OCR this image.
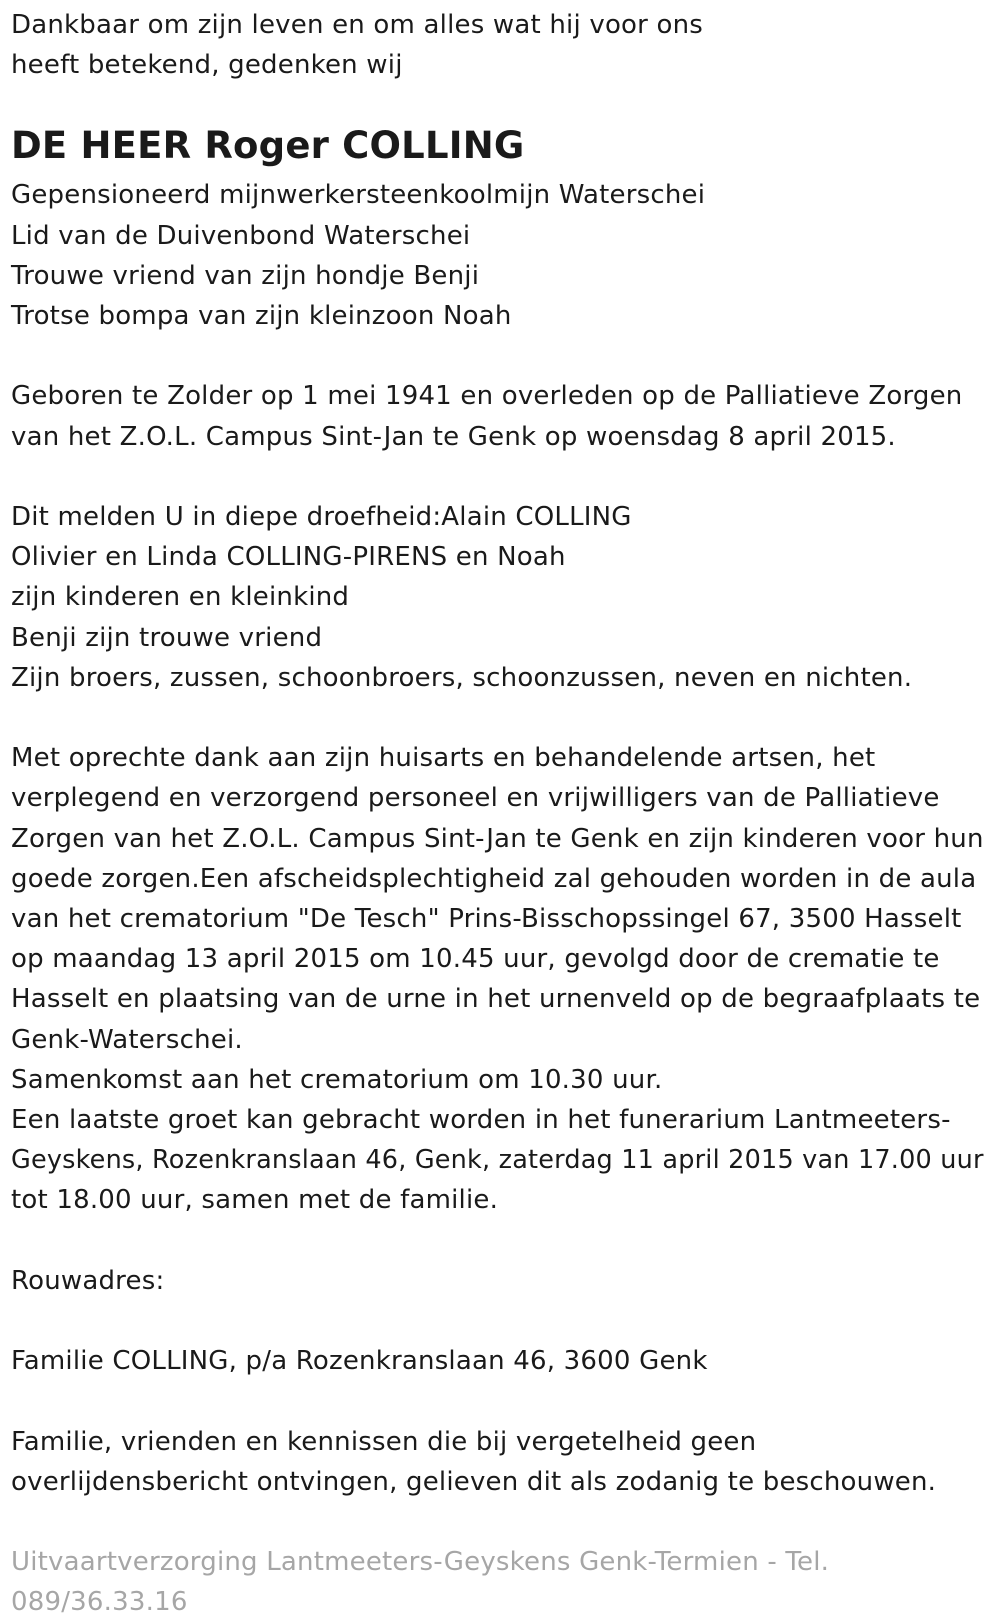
Dankbaar om zijn leven en om alles wat hij voor ons
heeft betekend, gedenken wij
DE HEER Roger COLLING
Gepensioneerd mijnwerkersteenkoolmijn Waterschei
Lid van de Duivenbond Waterschei
Trouwe vriend van zijn hondje Benji
Trotse bompa van zijn kleinzoon Noah
Geboren te Zolder op 1 mei 1941 en overleden op de Palliatieve Zorgen
van het Z.O.L. Campus Sint-Jan te Genk op woensdag 8 april 2015.
Dit melden U in diepe droefheid:Alain COLLING
Olivier en Linda COLLING-PIRENS en Noah
zijn kinderen en kleinkind
Benji zijn trouwe vriend
Zijn broers, zussen, schoonbroers, schoonzussen, neven en nichten.
Met oprechte dank aan zijn huisarts en behandelende artsen, het
verplegend en verzorgend personeel en vrijwilligers van de Palliatieve
Zorgen van het Z.O.L. Campus Sint-Jan te Genk en zijn kinderen voor hun
goede zorgen.Een afscheidsplechtigheid zal gehouden worden in de aula
van het crematorium "De Tesch" Prins-Bisschopssingel 67, 3500 Hasselt
op maandag 13 april 2015 om 10.45 uur, gevolgd door de crematie te
Hasselt en plaatsing van de urne in het urnenveld op de begraafplaats te
Genk-Waterschei.
Samenkomst aan het crematorium om 10.30 uur.
Een laatste groet kan gebracht worden in het funerarium Lantmeeters-
Geyskens, Rozenkranslaan 46, Genk, zaterdag 11 april 2015 van 17.00 uur
tot 18.00 uur, samen met de familie.
Rouwadres:
Familie COLLING, p/a Rozenkranslaan 46, 3600 Genk
Familie, vrienden en kennissen die bij vergetelheid geen
overlijdensbericht ontvingen, gelieven dit als zodanig te beschouwen.
Uitvaartverzorging Lantmeeters-Geyskens Genk-Termien - Tel.
089/36.33.16
